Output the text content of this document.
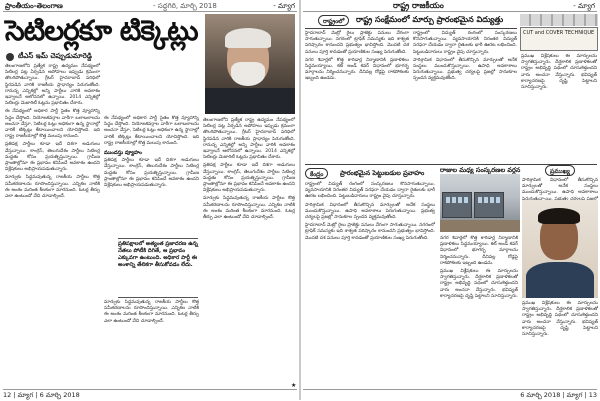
ప్రాంతీయం-తెలంగాణ	- సద్దగిరి, మార్చి 2018	- మ్యాగ
సెటిలర్లకూ టిక్కెట్లు
టీఎస్ ఇమ్ చెప్పుడుమారెడ్డి

తెలంగాణలోని ప్రత్యేక రాష్ట్ర ఉద్యమం నేపథ్యంలో సెటిలర్ల పట్ల ఏర్పడిన అపోహలు ఇప్పుడు క్రమంగా తొలగిపోతున్నాయి. గ్రేటర్ హైదరాబాద్ పరిధిలో స్థిరపడిన వారికి రాజకీయ ప్రాధాన్యం పెరుగుతోంది. రానున్న ఎన్నికల్లో అన్ని పార్టీలు వారికి అవకాశం ఇవ్వాలనే ఆలోచనలో ఉన్నాయి. 2014 ఎన్నికల్లో సెటిలర్లు మెజారిటీ ఓట్లను ప్రభావితం చేశారు.

ఈ నేపథ్యంలో అధికార పార్టీ సైతం కొత్త వ్యూహాన్ని సిద్ధం చేస్తోంది. నియోజకవర్గాల వారీగా బలాబలాలను అంచనా వేస్తూ, సెటిలర్ల ఓట్లు అధికంగా ఉన్న స్థానాల్లో వారికే టిక్కెట్లు కేటాయించాలని యోచిస్తోంది. ఇది రాష్ట్ర రాజకీయాల్లో కొత్త మలుపు కానుంది.

ప్రతిపక్ష పార్టీలు కూడా ఇదే దిశగా అడుగులు వేస్తున్నాయి. కాంగ్రెస్, తెలుగుదేశం పార్టీలు సెటిలర్ల మద్దతు కోసం ప్రయత్నిస్తున్నాయి. గ్రామీణ ప్రాంతాల్లోనూ ఈ ప్రభావం కనిపించే అవకాశం ఉందని విశ్లేషకులు అభిప్రాయపడుతున్నారు.

మార్పుకు సిద్ధమవుతున్న రాజకీయ పార్టీలు కొత్త సమీకరణాలను రూపొందిస్తున్నాయి. ఎన్నికల నాటికి ఈ అంశం మరింత కీలకంగా మారనుంది. ఓటర్ల తీర్పు ఎలా ఉంటుందో వేచి చూడాల్సిందే.

ఈ నేపథ్యంలో అధికార పార్టీ సైతం కొత్త వ్యూహాన్ని సిద్ధం చేస్తోంది. నియోజకవర్గాల వారీగా బలాబలాలను అంచనా వేస్తూ, సెటిలర్ల ఓట్లు అధికంగా ఉన్న స్థానాల్లో వారికే టిక్కెట్లు కేటాయించాలని యోచిస్తోంది. ఇది రాష్ట్ర రాజకీయాల్లో కొత్త మలుపు కానుంది.

ముందస్తు వ్యూహం

ప్రతిపక్ష పార్టీలు కూడా ఇదే దిశగా అడుగులు వేస్తున్నాయి. కాంగ్రెస్, తెలుగుదేశం పార్టీలు సెటిలర్ల మద్దతు కోసం ప్రయత్నిస్తున్నాయి. గ్రామీణ ప్రాంతాల్లోనూ ఈ ప్రభావం కనిపించే అవకాశం ఉందని విశ్లేషకులు అభిప్రాయపడుతున్నారు.

ప్రతిపక్షాలలో అత్యంత ప్రజాదరణ ఉన్న నేతలు పోటీకి దిగితే, ఆ ప్రభావం ఎక్కువగా ఉంటుంది. అధికార పార్టీ ఈ అంశాన్ని తేలికగా తీసుకోవడం లేదు.

మార్పుకు సిద్ధమవుతున్న రాజకీయ పార్టీలు కొత్త సమీకరణాలను రూపొందిస్తున్నాయి. ఎన్నికల నాటికి ఈ అంశం మరింత కీలకంగా మారనుంది. ఓటర్ల తీర్పు ఎలా ఉంటుందో వేచి చూడాల్సిందే.

తెలంగాణలోని ప్రత్యేక రాష్ట్ర ఉద్యమం నేపథ్యంలో సెటిలర్ల పట్ల ఏర్పడిన అపోహలు ఇప్పుడు క్రమంగా తొలగిపోతున్నాయి. గ్రేటర్ హైదరాబాద్ పరిధిలో స్థిరపడిన వారికి రాజకీయ ప్రాధాన్యం పెరుగుతోంది. రానున్న ఎన్నికల్లో అన్ని పార్టీలు వారికి అవకాశం ఇవ్వాలనే ఆలోచనలో ఉన్నాయి. 2014 ఎన్నికల్లో సెటిలర్లు మెజారిటీ ఓట్లను ప్రభావితం చేశారు.

ప్రతిపక్ష పార్టీలు కూడా ఇదే దిశగా అడుగులు వేస్తున్నాయి. కాంగ్రెస్, తెలుగుదేశం పార్టీలు సెటిలర్ల మద్దతు కోసం ప్రయత్నిస్తున్నాయి. గ్రామీణ ప్రాంతాల్లోనూ ఈ ప్రభావం కనిపించే అవకాశం ఉందని విశ్లేషకులు అభిప్రాయపడుతున్నారు.

మార్పుకు సిద్ధమవుతున్న రాజకీయ పార్టీలు కొత్త సమీకరణాలను రూపొందిస్తున్నాయి. ఎన్నికల నాటికి ఈ అంశం మరింత కీలకంగా మారనుంది. ఓటర్ల తీర్పు ఎలా ఉంటుందో వేచి చూడాల్సిందే.

★
12 | మ్యాగ | 6 మార్చి 2018
రాష్ట్ర రాజకీయం	- మ్యాగ
రాష్ట్రంలో	రాష్ట్ర సంక్షేమంలో మార్పు ప్రారంభమైన విద్యుత్తు
CUT and COVER TECHNIQUE

హైదరాబాద్ మెట్రో రైలు ప్రాజెక్టు పనులు వేగంగా సాగుతున్నాయి. నగరంలో ట్రాఫిక్ సమస్యకు ఇది శాశ్వత పరిష్కారం కానుందని ప్రభుత్వం భావిస్తోంది. మొదటి దశ పనులు పూర్తి కావడంతో ప్రయాణికుల సంఖ్య పెరుగుతోంది.

నగర శివార్లలో కొత్త కారిడార్ల నిర్మాణానికి ప్రణాళికలు సిద్ధమయ్యాయి. కట్ అండ్ కవర్ విధానంలో భూగర్భ మార్గాలను నిర్మించనున్నారు. దీనివల్ల రోడ్లపై రాకపోకలకు ఇబ్బంది ఉండదు.

రాష్ట్రంలో విద్యుత్ రంగంలో సంస్కరణలు కొనసాగుతున్నాయి. వ్యవసాయానికి నిరంతర విద్యుత్ సరఫరా చేయడం ద్వారా రైతులకు భారీ ఊరట లభించింది. పెట్టుబడిదారులు రాష్ట్రం వైపు చూస్తున్నారు.

పారిశ్రామిక విధానంలో తీసుకొచ్చిన మార్పులతో అనేక సంస్థలు ముందుకొస్తున్నాయి. ఉపాధి అవకాశాలు పెరుగుతున్నాయి. ప్రభుత్వ చర్యలపై ప్రజల్లో సానుకూల స్పందన వ్యక్తమవుతోంది.

ప్రముఖ విశ్లేషకులు ఈ మార్పులను స్వాగతిస్తున్నారు. దీర్ఘకాలిక ప్రణాళికలతో రాష్ట్రం అభివృద్ధి పథంలో దూసుకెళ్తుందని వారు అంచనా వేస్తున్నారు. భవిష్యత్ కార్యాచరణపై దృష్టి పెట్టాలని సూచిస్తున్నారు.

కేంద్రం	ప్రారంభమైన పెట్టుబడుల ప్రవాహం రాజుల మధ్య సంస్కరణల వర్ధన	ప్రముఖ్య

రాష్ట్రంలో విద్యుత్ రంగంలో సంస్కరణలు కొనసాగుతున్నాయి. వ్యవసాయానికి నిరంతర విద్యుత్ సరఫరా చేయడం ద్వారా రైతులకు భారీ ఊరట లభించింది. పెట్టుబడిదారులు రాష్ట్రం వైపు చూస్తున్నారు.

పారిశ్రామిక విధానంలో తీసుకొచ్చిన మార్పులతో అనేక సంస్థలు ముందుకొస్తున్నాయి. ఉపాధి అవకాశాలు పెరుగుతున్నాయి. ప్రభుత్వ చర్యలపై ప్రజల్లో సానుకూల స్పందన వ్యక్తమవుతోంది.

హైదరాబాద్ మెట్రో రైలు ప్రాజెక్టు పనులు వేగంగా సాగుతున్నాయి. నగరంలో ట్రాఫిక్ సమస్యకు ఇది శాశ్వత పరిష్కారం కానుందని ప్రభుత్వం భావిస్తోంది. మొదటి దశ పనులు పూర్తి కావడంతో ప్రయాణికుల సంఖ్య పెరుగుతోంది.	నగర శివార్లలో కొత్త కారిడార్ల నిర్మాణానికి ప్రణాళికలు సిద్ధమయ్యాయి. కట్ అండ్ కవర్ విధానంలో భూగర్భ మార్గాలను నిర్మించనున్నారు. దీనివల్ల రోడ్లపై రాకపోకలకు ఇబ్బంది ఉండదు.

ప్రముఖ విశ్లేషకులు ఈ మార్పులను స్వాగతిస్తున్నారు. దీర్ఘకాలిక ప్రణాళికలతో రాష్ట్రం అభివృద్ధి పథంలో దూసుకెళ్తుందని వారు అంచనా వేస్తున్నారు. భవిష్యత్ కార్యాచరణపై దృష్టి పెట్టాలని సూచిస్తున్నారు.

పారిశ్రామిక విధానంలో తీసుకొచ్చిన మార్పులతో అనేక సంస్థలు ముందుకొస్తున్నాయి. ఉపాధి అవకాశాలు

ప్రముఖ విశ్లేషకులు ఈ మార్పులను స్వాగతిస్తున్నారు. దీర్ఘకాలిక ప్రణాళికలతో రాష్ట్రం అభివృద్ధి పథంలో దూసుకెళ్తుందని వారు అంచనా వేస్తున్నారు. భవిష్యత్ కార్యాచరణపై దృష్టి పెట్టాలని సూచిస్తున్నారు.

6 మార్చి 2018 | మ్యాగ | 13
